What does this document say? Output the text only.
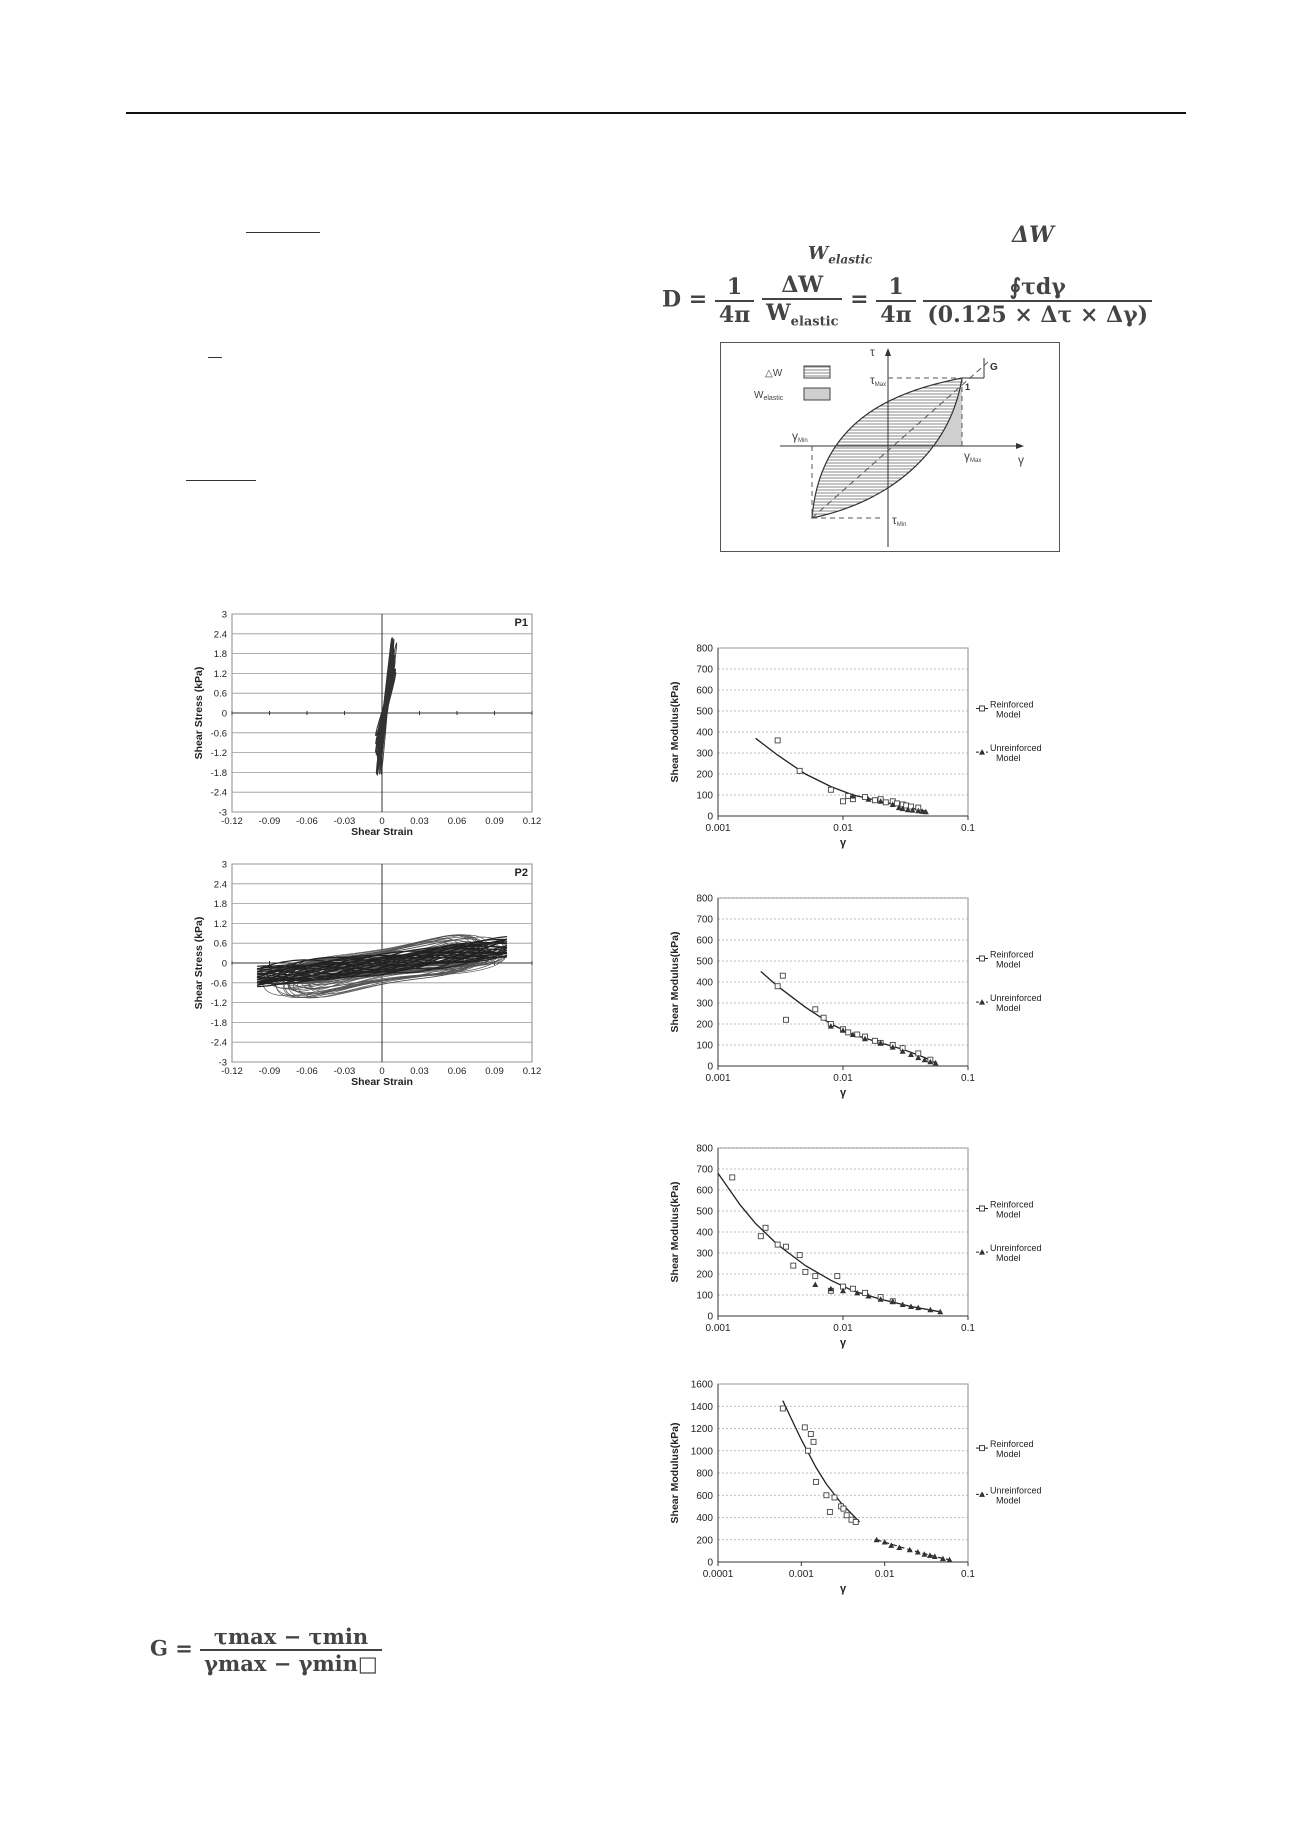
ΔW
$W_{elastic}$
$D = \frac{1}{4\pi}$
$\frac{\Delta W}{W_{elastic}} = \frac{1}{4\pi}$
$\frac{\text{∮τdγ}}{(0.125 \times \Delta\tau \times \Delta\gamma)}$
△W
$W_{elastic}$
τ
γ
τMax
τMin
γMax
γMin
G
1
$G = \frac{\tau\max - \tau\min}{\gamma\max - \gamma\min□}$
3
2.4
1.8
1.2
0.6
0
-0.6
-1.2
-1.8
-2.4
-3
-0.12 -0.09 -0.06 -0.03	0	0.03 0.06 0.09 0.12
Shear Strain
Shear Stress (kPa)
P1
3
2.4
1.8
1.2
0.6
0
-0.6
-1.2
-1.8
-2.4
-3
-0.12 -0.09 -0.06 -0.03	0	0.03 0.06 0.09 0.12
Shear Strain
Shear Stress (kPa)
P2
800
700
600
500
400
300
200
100
0
0.001	0.01	0.1
γ
Shear Modulus(kPa)	Reinforced
Model
Unreinforced
Model
800
700
600
500
400
300
200
100
0
0.001	0.01	0.1
γ
Shear Modulus(kPa)	Reinforced
Model
Unreinforced
Model
800
700
600
500
400
300
200
100
0
0.001	0.01	0.1
γ
Shear Modulus(kPa)	Reinforced
Model
Unreinforced
Model
1600
1400
1200
1000
800
600
400
200
0
0.0001	0.001	0.01	0.1
γ
Shear Modulus(kPa)	Reinforced
Model
Unreinforced
Model
